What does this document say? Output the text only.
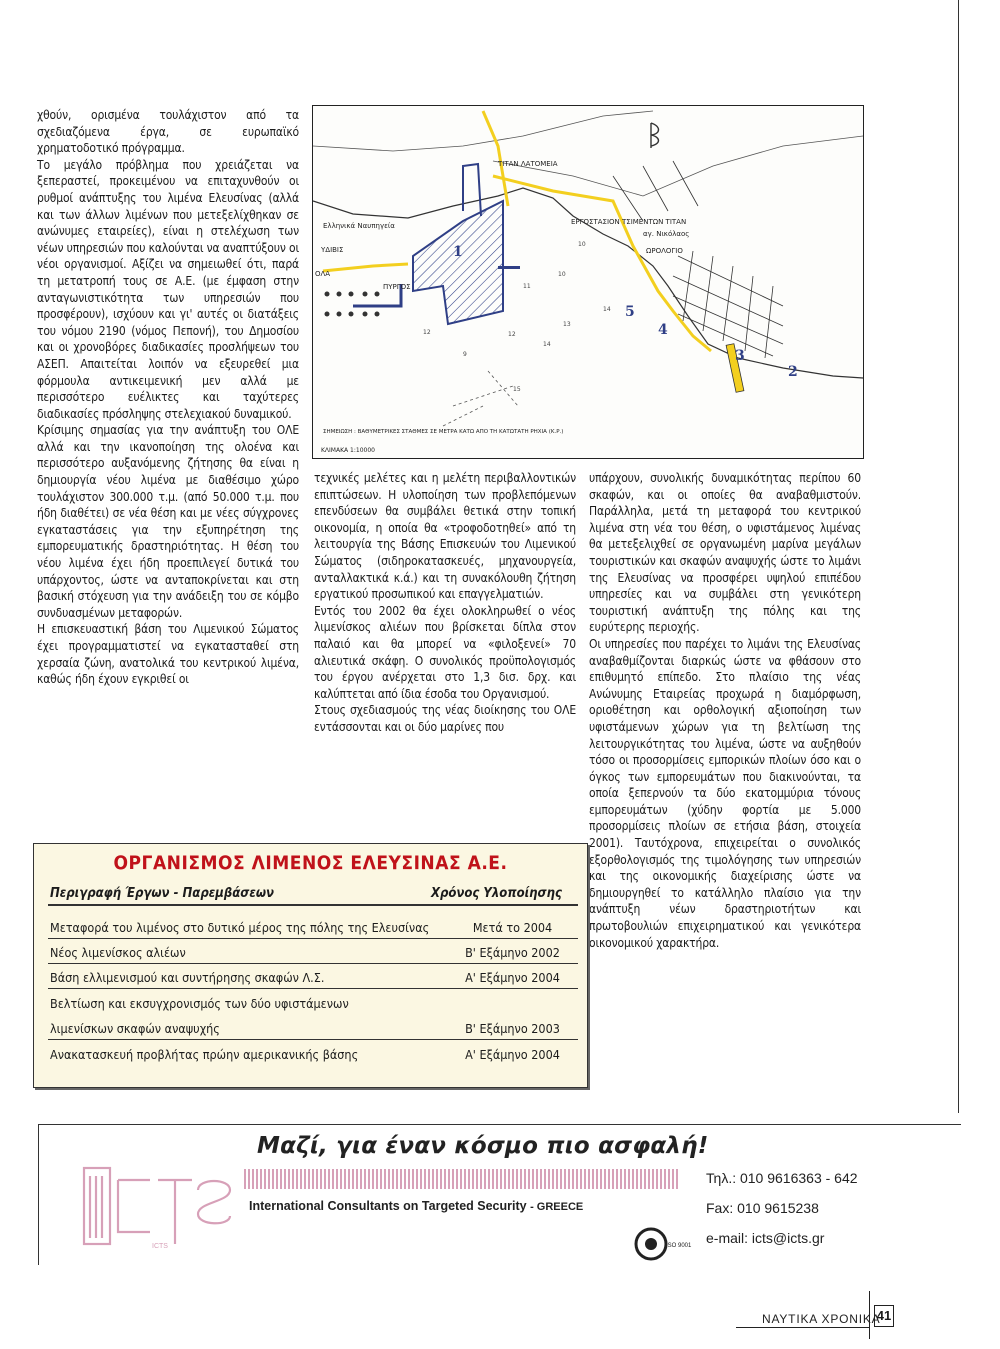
χθούν, ορισμένα τουλάχιστον από τα σχεδιαζόμενα έργα, σε ευρωπαϊκό χρηματοδοτικό πρόγραμμα.

Το μεγάλο πρόβλημα που χρειάζεται να ξεπεραστεί, προκειμένου να επιταχυνθούν οι ρυθμοί ανάπτυξης του λιμένα Ελευσίνας (αλλά και των άλλων λιμένων που μετεξελίχθηκαν σε ανώνυμες εταιρείες), είναι η στελέχωση των νέων υπηρεσιών που καλούνται να αναπτύξουν οι νέοι οργανισμοί. Αξίζει να σημειωθεί ότι, παρά τη μετατροπή τους σε Α.Ε. (με έμφαση στην ανταγωνιστικότητα των υπηρεσιών που προσφέρουν), ισχύουν και γι' αυτές οι διατάξεις του νόμου 2190 (νόμος Πεπονή), του Δημοσίου και οι χρονοβόρες διαδικασίες προσλήψεων του ΑΣΕΠ. Απαιτείται λοιπόν να εξευρεθεί μια φόρμουλα αντικειμενική μεν αλλά με περισσότερο ευέλικτες και ταχύτερες διαδικασίες πρόσληψης στελεχιακού δυναμικού.

Κρίσιμης σημασίας για την ανάπτυξη του ΟΛΕ αλλά και την ικανοποίηση της ολοένα και περισσότερο αυξανόμενης ζήτησης θα είναι η δημιουργία νέου λιμένα με διαθέσιμο χώρο τουλάχιστον 300.000 τ.μ. (από 50.000 τ.μ. που ήδη διαθέτει) σε νέα θέση και με νέες σύγχρονες εγκαταστάσεις για την εξυπηρέτηση της εμπορευματικής δραστηριότητας. Η θέση του νέου λιμένα έχει ήδη προεπιλεγεί δυτικά του υπάρχοντος, ώστε να ανταποκρίνεται και στη βασική στόχευση για την ανάδειξη του σε κόμβο συνδυασμένων μεταφορών.

Η επισκευαστική βάση του Λιμενικού Σώματος έχει προγραμματιστεί να εγκατασταθεί στη χερσαία ζώνη, ανατολικά του κεντρικού λιμένα, καθώς ήδη έχουν εγκριθεί οι

ΤΙΤΑΝ ΛΑΤΟΜΕΙΑ
ΕΡΓΟΣΤΑΣΙΟΝ ΤΣΙΜΕΝΤΩΝ ΤΙΤΑΝ
Ελληνικά Ναυπηγεία
ΠΥΡΓΟΣ
ΟΛΑ
ΥΔΙΒΙΣ	ΩΡΟΛΟΓΙΟ
αγ. Νικόλαος
ΣΗΜΕΙΩΣΗ : ΒΑΘΥΜΕΤΡΙΚΕΣ ΣΤΑΘΜΕΣ ΣΕ ΜΕΤΡΑ ΚΑΤΩ ΑΠΟ ΤΗ ΚΑΤΩΤΑΤΗ ΡΗΧΙΑ (Κ.Ρ.)
ΚΛΙΜΑΚΑ 1:10000
1
2
3
4
5
10
12
13
14
11
10
9
15
12
14

τεχνικές μελέτες και η μελέτη περιβαλλοντικών επιπτώσεων. Η υλοποίηση των προβλεπόμενων επενδύσεων θα συμβάλει θετικά στην τοπική οικονομία, η οποία θα «τροφοδοτηθεί» από τη λειτουργία της Βάσης Επισκευών του Λιμενικού Σώματος (σιδηροκατασκευές, μηχανουργεία, ανταλλακτικά κ.ά.) και τη συνακόλουθη ζήτηση εργατικού προσωπικού και επαγγελματιών.

Εντός του 2002 θα έχει ολοκληρωθεί ο νέος λιμενίσκος αλιέων που βρίσκεται δίπλα στον παλαιό και θα μπορεί να «φιλοξενεί» 70 αλιευτικά σκάφη. Ο συνολικός προϋπολογισμός του έργου ανέρχεται στο 1,3 δισ. δρχ. και καλύπτεται από ίδια έσοδα του Οργανισμού.

Στους σχεδιασμούς της νέας διοίκησης του ΟΛΕ εντάσσονται και οι δύο μαρίνες που

υπάρχουν, συνολικής δυναμικότητας περίπου 60 σκαφών, και οι οποίες θα αναβαθμιστούν. Παράλληλα, μετά τη μεταφορά του κεντρικού λιμένα στη νέα του θέση, ο υφιστάμενος λιμένας θα μετεξελιχθεί σε οργανωμένη μαρίνα μεγάλων τουριστικών και σκαφών αναψυχής ώστε το λιμάνι της Ελευσίνας να προσφέρει υψηλού επιπέδου υπηρεσίες και να συμβάλει στη γενικότερη τουριστική ανάπτυξη της πόλης και της ευρύτερης περιοχής.

Οι υπηρεσίες που παρέχει το λιμάνι της Ελευσίνας αναβαθμίζονται διαρκώς ώστε να φθάσουν στο επιθυμητό επίπεδο. Στο πλαίσιο της νέας Ανώνυμης Εταιρείας προχωρά η διαμόρφωση, οριοθέτηση και ορθολογική αξιοποίηση των υφιστάμενων χώρων για τη βελτίωση της λειτουργικότητας του λιμένα, ώστε να αυξηθούν τόσο οι προσορμίσεις εμπορικών πλοίων όσο και ο όγκος των εμπορευμάτων που διακινούνται, τα οποία ξεπερνούν τα δύο εκατομμύρια τόνους εμπορευμάτων (χύδην φορτία με 5.000 προσορμίσεις πλοίων σε ετήσια βάση, στοιχεία 2001). Ταυτόχρονα, επιχειρείται ο συνολικός εξορθολογισμός της τιμολόγησης των υπηρεσιών και της οικονομικής διαχείρισης ώστε να δημιουργηθεί το κατάλληλο πλαίσιο για την ανάπτυξη νέων δραστηριοτήτων και πρωτοβουλιών επιχειρηματικού και γενικότερα οικονομικού χαρακτήρα.

ΟΡΓΑΝΙΣΜΟΣ ΛΙΜΕΝΟΣ ΕΛΕΥΣΙΝΑΣ Α.Ε.
Περιγραφή Έργων - Παρεμβάσεων	Χρόνος Υλοποίησης
Μεταφορά του λιμένος στο δυτικό μέρος της πόλης της Ελευσίνας	Μετά το 2004
Νέος λιμενίσκος αλιέων	Β' Εξάμηνο 2002
Βάση ελλιμενισμού και συντήρησης σκαφών Λ.Σ.	Α' Εξάμηνο 2004
Βελτίωση και εκσυγχρονισμός των δύο υφιστάμενων
λιμενίσκων σκαφών αναψυχής	Β' Εξάμηνο 2003
Ανακατασκευή προβλήτας πρώην αμερικανικής βάσης	Α' Εξάμηνο 2004
ICTS
Μαζί, για έναν κόσμο πιο ασφαλή!
International Consultants on Targeted Security - GREECE
Τηλ.: 010 9616363 - 642
Fax: 010 9615238
e-mail: icts@icts.gr
ISO 9001
ΝΑΥΤΙΚΑ ΧΡΟΝΙΚΑ
41
